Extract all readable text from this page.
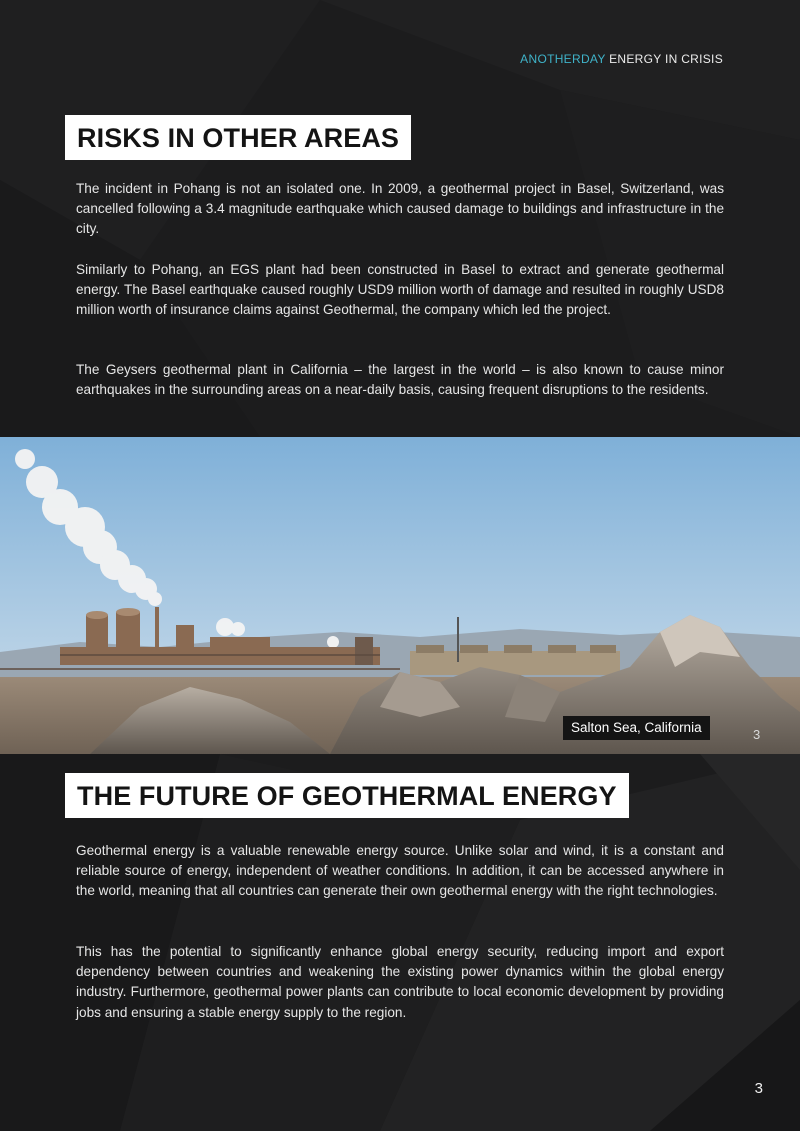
ANOTHERDAY ENERGY IN CRISIS
RISKS IN OTHER AREAS

The incident in Pohang is not an isolated one. In 2009, a geothermal project in Basel, Switzerland, was cancelled following a 3.4 magnitude earthquake which caused damage to buildings and infrastructure in the city.

Similarly to Pohang, an EGS plant had been constructed in Basel to extract and generate geothermal energy. The Basel earthquake caused roughly USD9 million worth of damage and resulted in roughly USD8 million worth of insurance claims against Geothermal, the company which led the project.

The Geysers geothermal plant in California – the largest in the world – is also known to cause minor earthquakes in the surrounding areas on a near-daily basis, causing frequent disruptions to the residents.

Salton Sea, California	3
THE FUTURE OF GEOTHERMAL ENERGY

Geothermal energy is a valuable renewable energy source. Unlike solar and wind, it is a constant and reliable source of energy, independent of weather conditions. In addition, it can be accessed anywhere in the world, meaning that all countries can generate their own geothermal energy with the right technologies.

This has the potential to significantly enhance global energy security, reducing import and export dependency between countries and weakening the existing power dynamics within the global energy industry. Furthermore, geothermal power plants can contribute to local economic development by providing jobs and ensuring a stable energy supply to the region.

3
